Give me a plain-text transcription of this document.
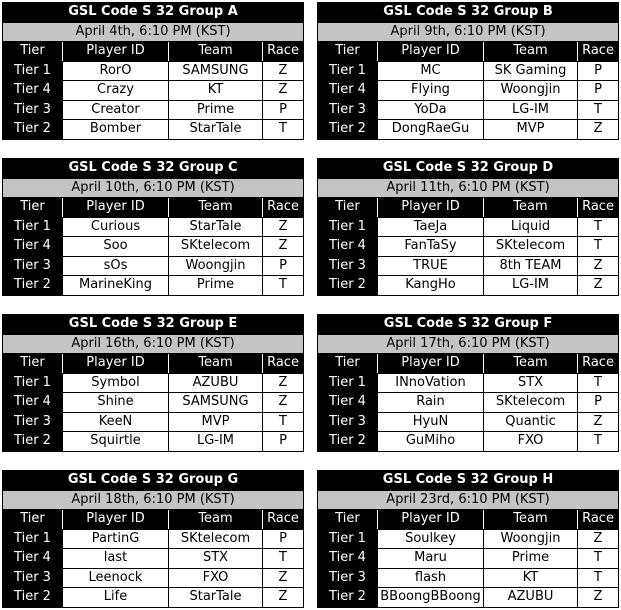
GSL Code S 32 Group A			
April 4th, 6:10 PM (KST)			
Tier	Player ID	Team	Race
Tier 1	RorO	SAMSUNG	Z
Tier 4	Crazy	KT	Z
Tier 3	Creator	Prime	P
Tier 2	Bomber	StarTale	T
GSL Code S 32 Group B			
April 9th, 6:10 PM (KST)			
Tier	Player ID	Team	Race
Tier 1	MC	SK Gaming	P
Tier 4	Flying	Woongjin	P
Tier 3	YoDa	LG-IM	T
Tier 2	DongRaeGu	MVP	Z
GSL Code S 32 Group C			
April 10th, 6:10 PM (KST)			
Tier	Player ID	Team	Race
Tier 1	Curious	StarTale	Z
Tier 4	Soo	SKtelecom	Z
Tier 3	sOs	Woongjin	P
Tier 2	MarineKing	Prime	T
GSL Code S 32 Group D			
April 11th, 6:10 PM (KST)			
Tier	Player ID	Team	Race
Tier 1	TaeJa	Liquid	T
Tier 4	FanTaSy	SKtelecom	T
Tier 3	TRUE	8th TEAM	Z
Tier 2	KangHo	LG-IM	Z
GSL Code S 32 Group E			
April 16th, 6:10 PM (KST)			
Tier	Player ID	Team	Race
Tier 1	Symbol	AZUBU	Z
Tier 4	Shine	SAMSUNG	Z
Tier 3	KeeN	MVP	T
Tier 2	Squirtle	LG-IM	P
GSL Code S 32 Group F			
April 17th, 6:10 PM (KST)			
Tier	Player ID	Team	Race
Tier 1	INnoVation	STX	T
Tier 4	Rain	SKtelecom	P
Tier 3	HyuN	Quantic	Z
Tier 2	GuMiho	FXO	T
GSL Code S 32 Group G			
April 18th, 6:10 PM (KST)			
Tier	Player ID	Team	Race
Tier 1	PartinG	SKtelecom	P
Tier 4	last	STX	T
Tier 3	Leenock	FXO	Z
Tier 2	Life	StarTale	Z
GSL Code S 32 Group H			
April 23rd, 6:10 PM (KST)			
Tier	Player ID	Team	Race
Tier 1	Soulkey	Woongjin	Z
Tier 4	Maru	Prime	T
Tier 3	flash	KT	T
Tier 2	BBoongBBoong	AZUBU	Z
